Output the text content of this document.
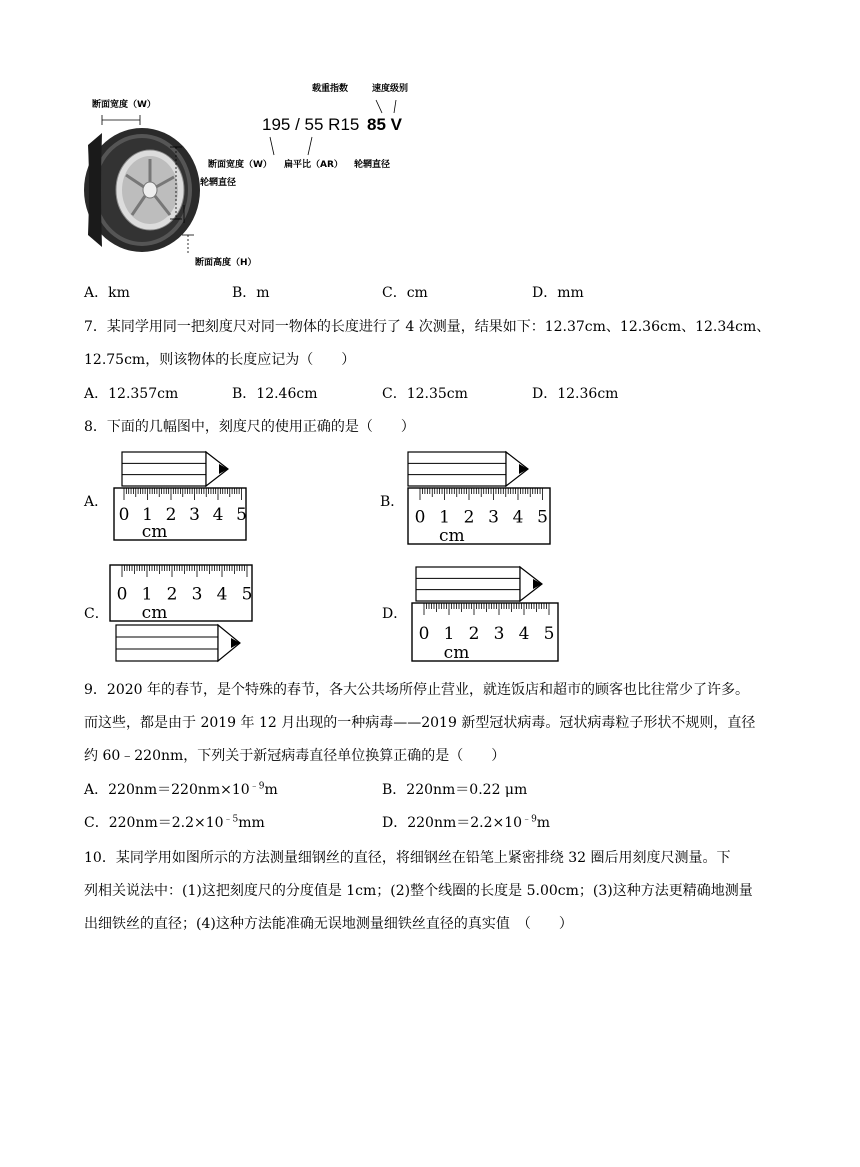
断面宽度（W）
轮辋直径
断面高度（H）
载重指数	速度级别
195 / 55 R15 85 V
断面宽度（W） 扁平比（AR） 轮辋直径
A．km	B．m	C．cm	D．mm
7．某同学用同一把刻度尺对同一物体的长度进行了 4 次测量，结果如下：12.37cm、12.36cm、12.34cm、
12.75cm，则该物体的长度应记为（　　）
A．12.357cm	B．12.46cm	C．12.35cm	D．12.36cm
8．下面的几幅图中，刻度尺的使用正确的是（　　）
A．	B．
C．	D．
0 1 2 3 4 5
cm
0 1 2 3 4 5
cm
0 1 2 3 4 5
cm
0 1 2 3 4 5
cm
9．2020 年的春节，是个特殊的春节，各大公共场所停止营业，就连饭店和超市的顾客也比往常少了许多。
而这些，都是由于 2019 年 12 月出现的一种病毒——2019 新型冠状病毒。冠状病毒粒子形状不规则，直径
约 60﹣220nm，下列关于新冠病毒直径单位换算正确的是（　　）
A．$220nm=220nm\times 10^{﹣9}m$	B．220nm＝0.22 μm
C．$220nm=2.2\times 10^{﹣5}mm$	D．$220nm=2.2\times 10^{﹣9}m$
10．某同学用如图所示的方法测量细钢丝的直径，将细钢丝在铅笔上紧密排绕 32 圈后用刻度尺测量。下
列相关说法中：(1)这把刻度尺的分度值是 1cm；(2)整个线圈的长度是 5.00cm；(3)这种方法更精确地测量
出细铁丝的直径；(4)这种方法能准确无误地测量细铁丝直径的真实值　（　　）
